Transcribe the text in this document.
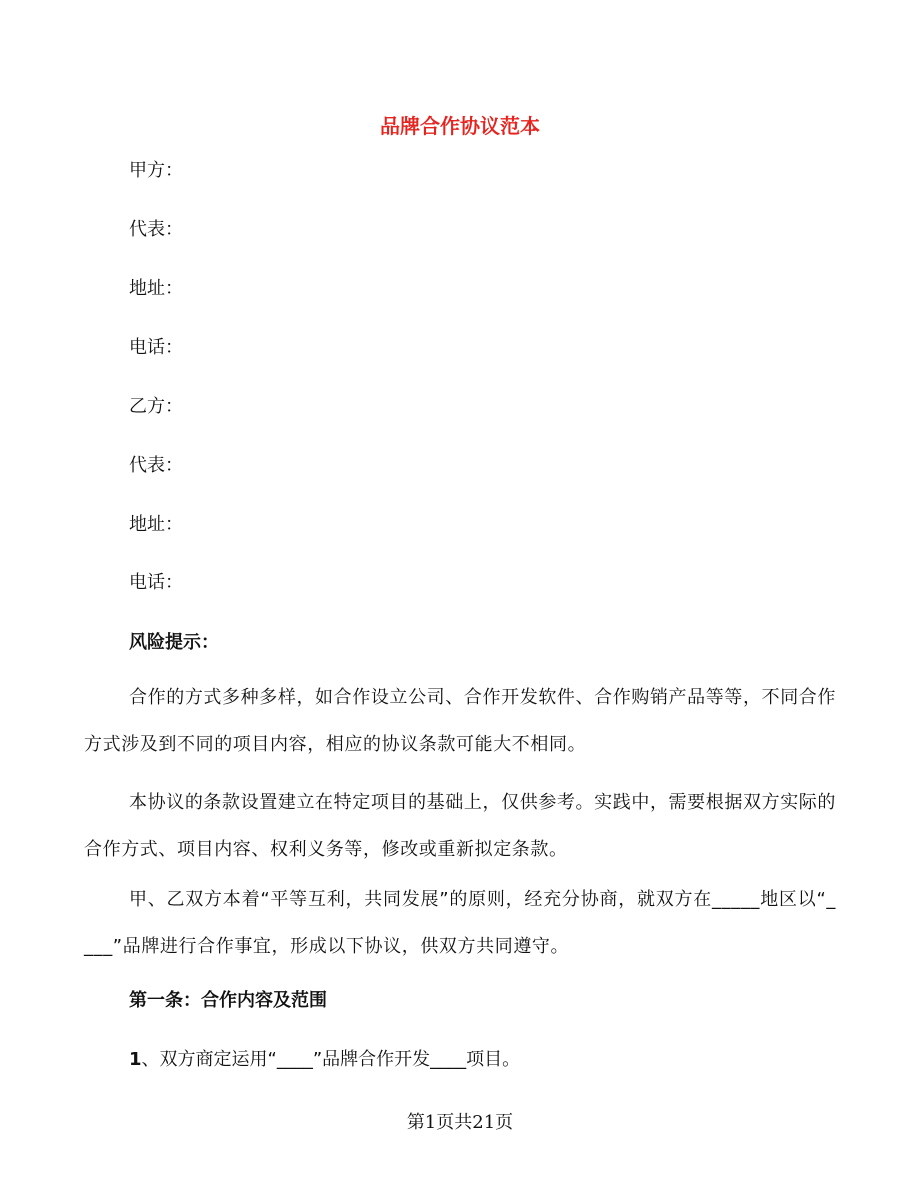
品牌合作协议范本
甲方：
代表：
地址：
电话：
乙方：
代表：
地址：
电话：
风险提示：
合作的方式多种多样，如合作设立公司、合作开发软件、合作购销产品等等，不同合作方式涉及到不同的项目内容，相应的协议条款可能大不相同。
本协议的条款设置建立在特定项目的基础上，仅供参考。实践中，需要根据双方实际的合作方式、项目内容、权利义务等，修改或重新拟定条款。
甲、乙双方本着“平等互利，共同发展”的原则，经充分协商，就双方在_____地区以“____”品牌进行合作事宜，形成以下协议，供双方共同遵守。
第一条：合作内容及范围
1、双方商定运用“____”品牌合作开发____项目。
第1页共21页
